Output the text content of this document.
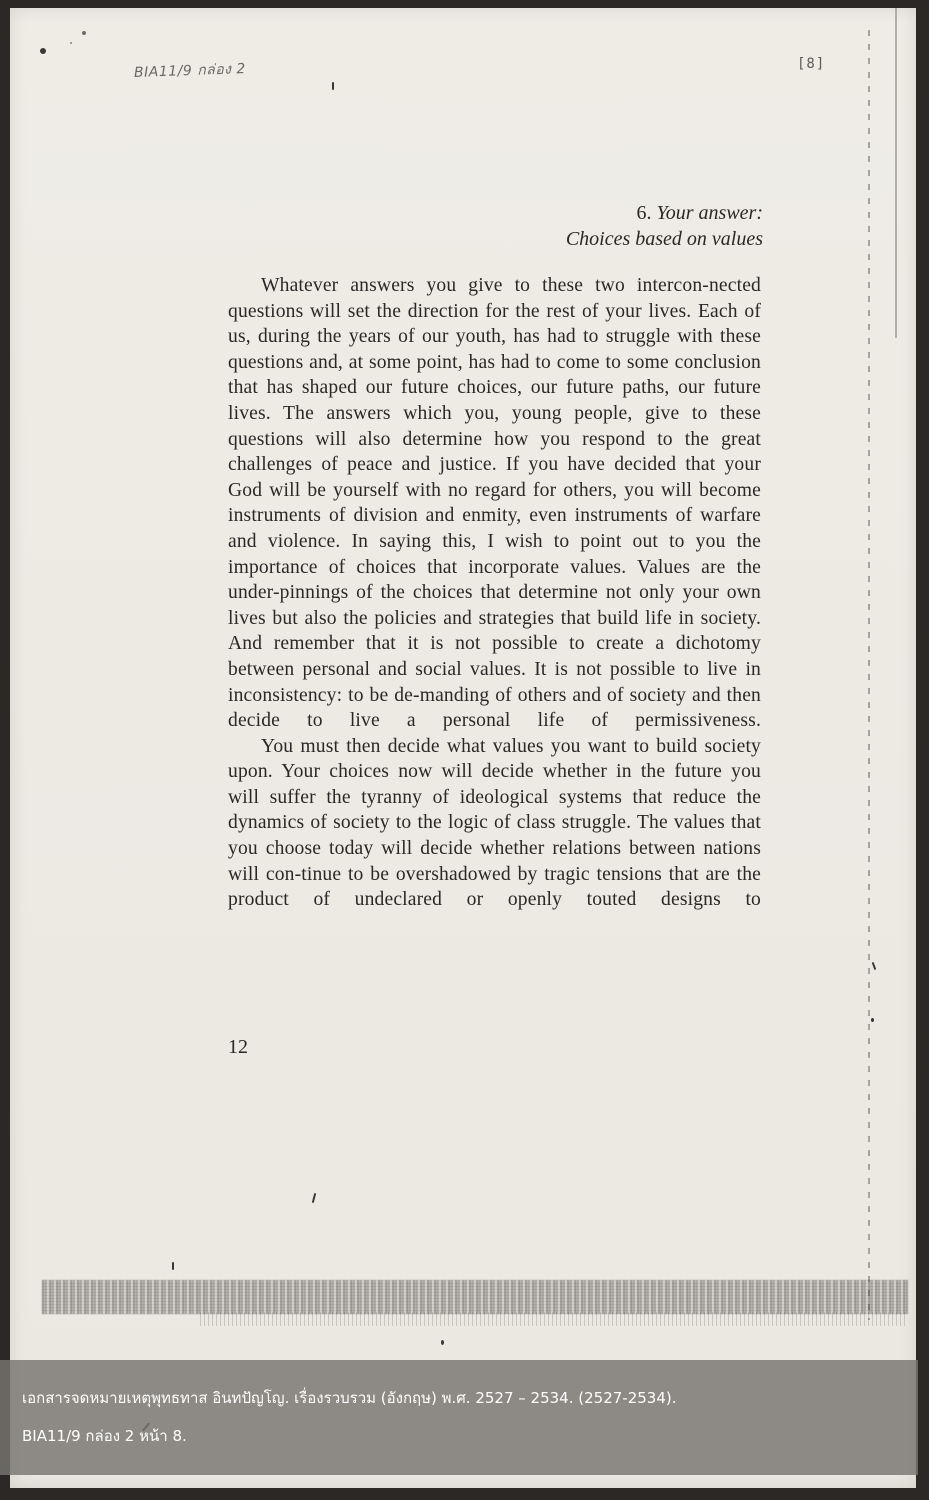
BIA11/9 กล่อง 2	[8]
6. Your answer:
Choices based on values

Whatever answers you give to these two intercon-nected questions will set the direction for the rest of your lives. Each of us, during the years of our youth, has had to struggle with these questions and, at some point, has had to come to some conclusion that has shaped our future choices, our future paths, our future lives. The answers which you, young people, give to these questions will also determine how you respond to the great challenges of peace and justice. If you have decided that your God will be yourself with no regard for others, you will become instruments of division and enmity, even instruments of warfare and violence. In saying this, I wish to point out to you the importance of choices that incorporate values. Values are the under-pinnings of the choices that determine not only your own lives but also the policies and strategies that build life in society. And remember that it is not possible to create a dichotomy between personal and social values. It is not possible to live in inconsistency: to be de-manding of others and of society and then decide to live a personal life of permissiveness.

You must then decide what values you want to build society upon. Your choices now will decide whether in the future you will suffer the tyranny of ideological systems that reduce the dynamics of society to the logic of class struggle. The values that you choose today will decide whether relations between nations will con-tinue to be overshadowed by tragic tensions that are the product of undeclared or openly touted designs to

12
เอกสารจดหมายเหตุพุทธทาส อินทปัญโญ. เรื่องรวบรวม (อังกฤษ) พ.ศ. 2527 – 2534. (2527-2534).
BIA11/9 กล่อง 2 หน้า 8.
